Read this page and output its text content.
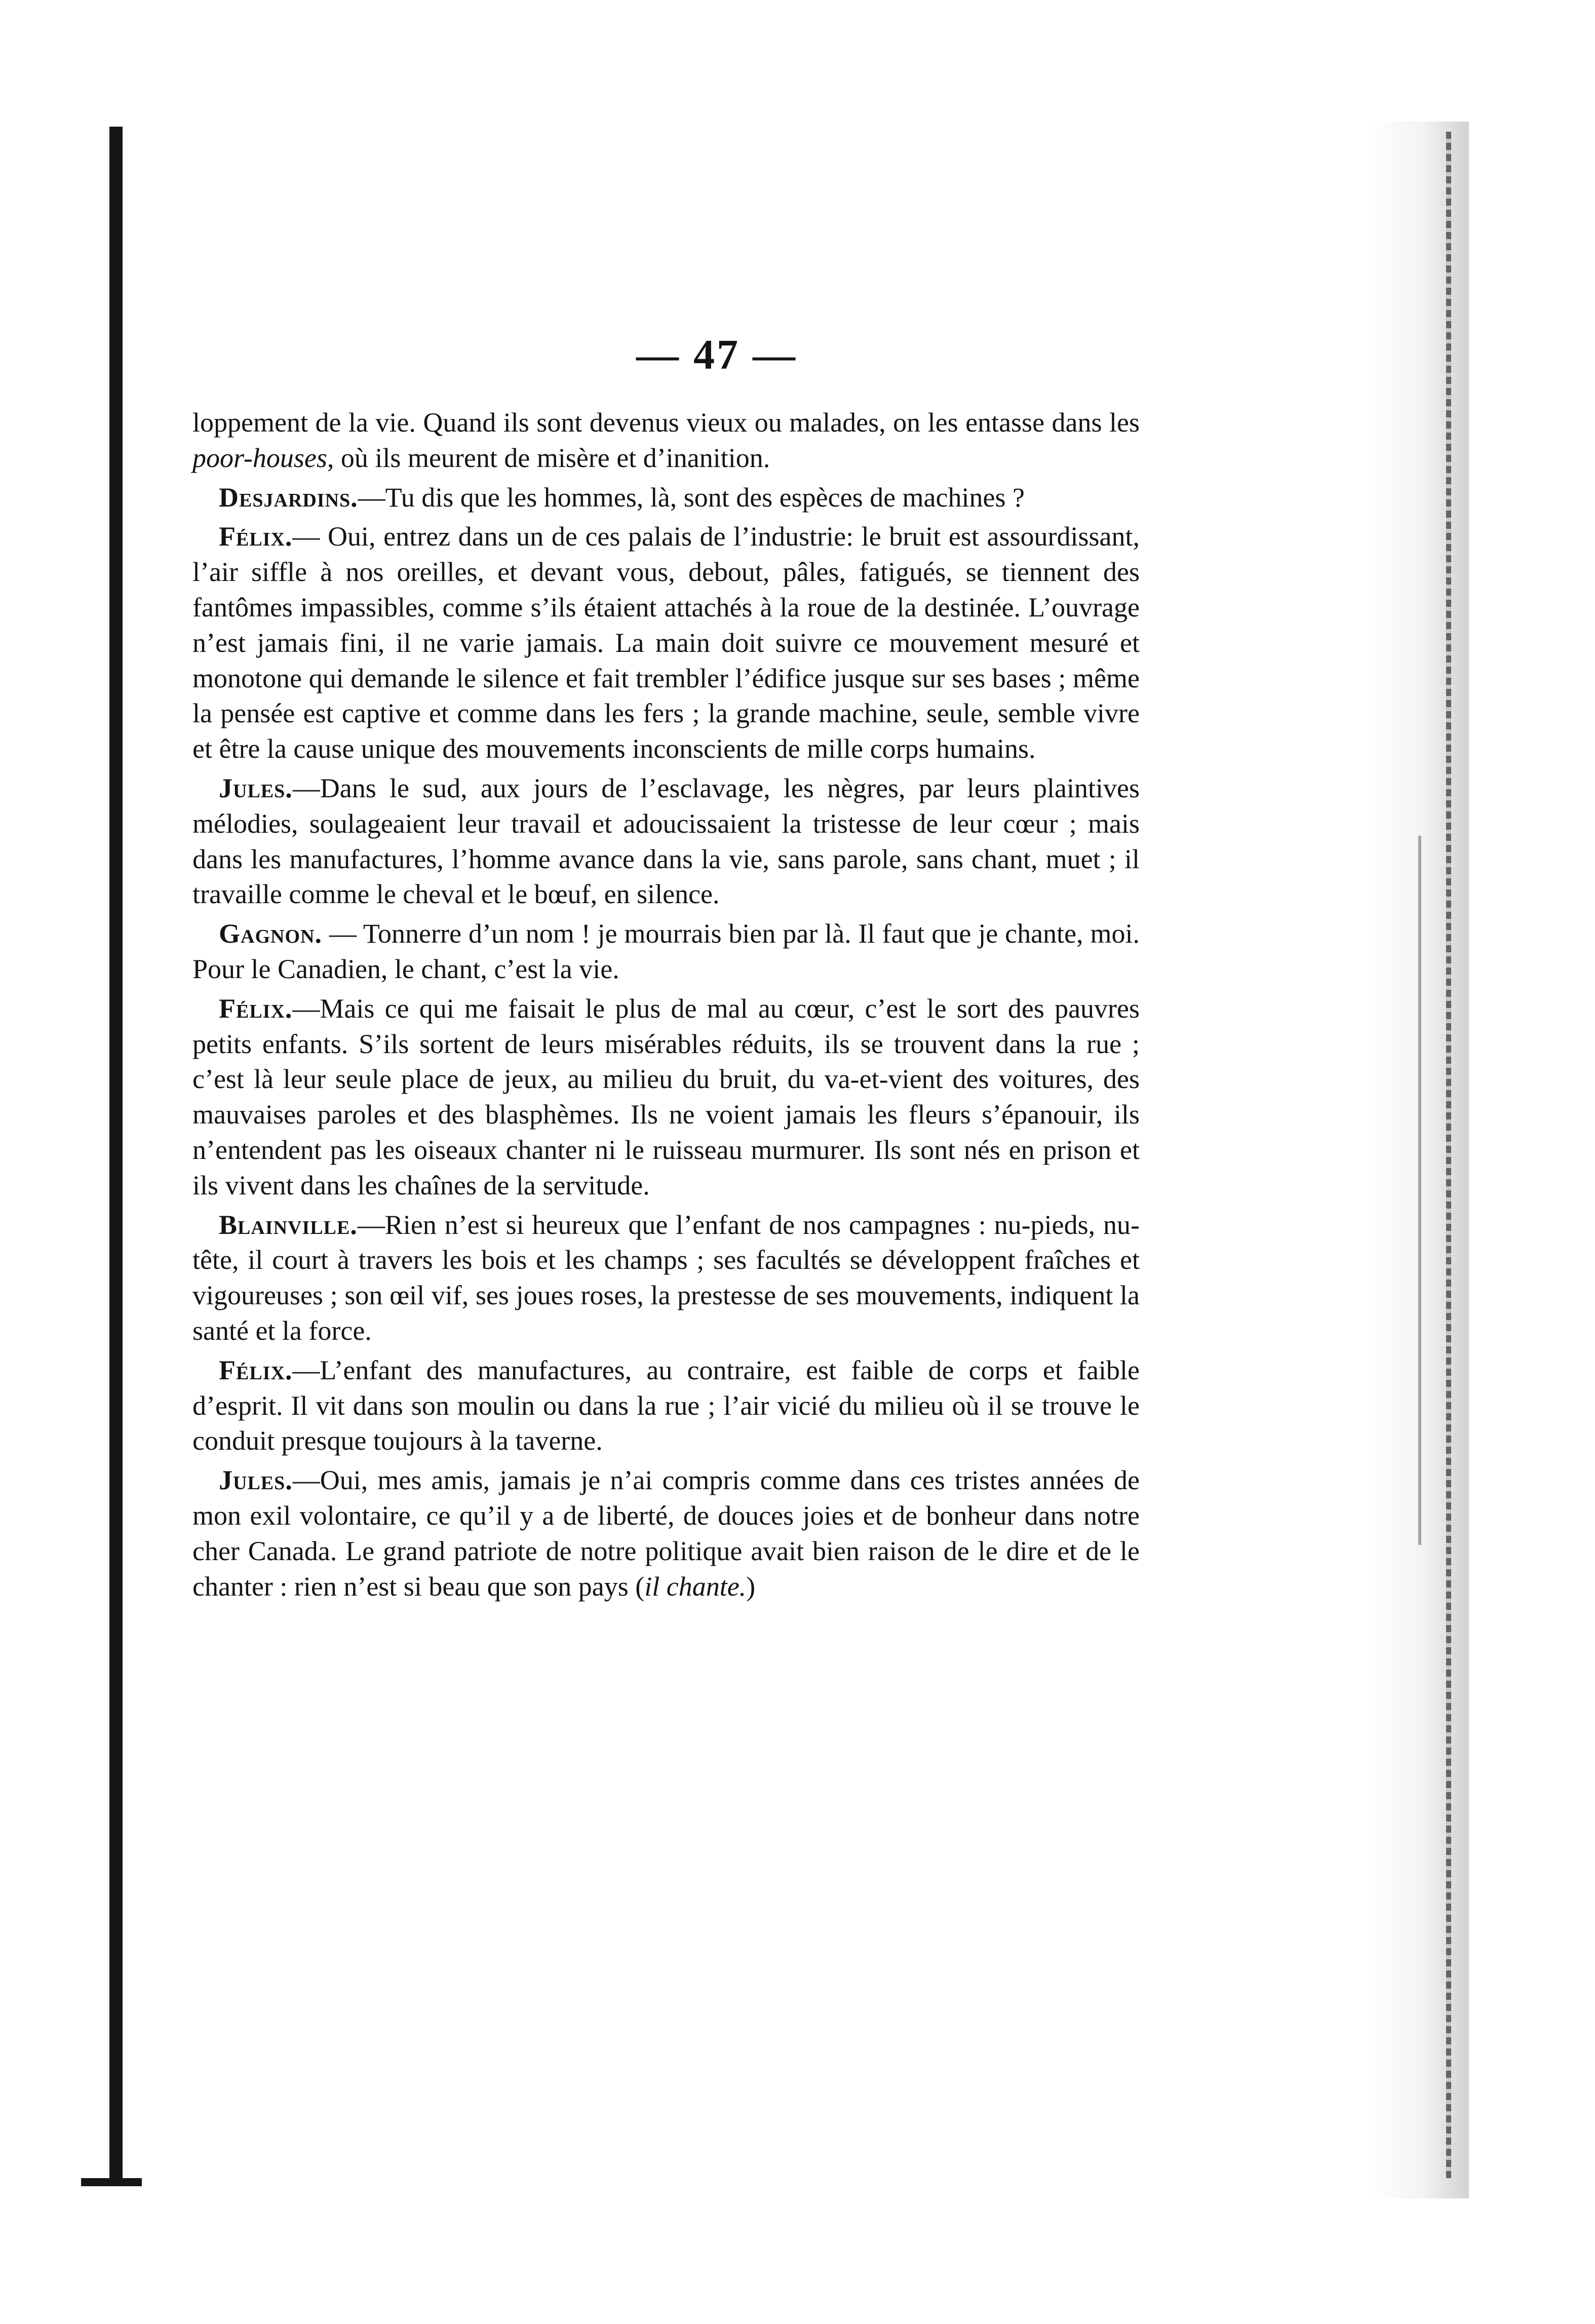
— 47 —

loppement de la vie. Quand ils sont devenus vieux ou malades, on les entasse dans les poor-houses, où ils meurent de misère et d’inanition.

Desjardins.—Tu dis que les hommes, là, sont des espèces de machines ?

Félix.— Oui, entrez dans un de ces palais de l’industrie: le bruit est assourdissant, l’air siffle à nos oreilles, et devant vous, debout, pâles, fatigués, se tiennent des fantômes impassibles, comme s’ils étaient attachés à la roue de la destinée. L’ouvrage n’est jamais fini, il ne varie jamais. La main doit suivre ce mouvement mesuré et monotone qui demande le silence et fait trembler l’édifice jusque sur ses bases ; même la pensée est captive et comme dans les fers ; la grande machine, seule, semble vivre et être la cause unique des mouvements inconscients de mille corps humains.

Jules.—Dans le sud, aux jours de l’esclavage, les nègres, par leurs plaintives mélodies, soulageaient leur travail et adoucissaient la tristesse de leur cœur ; mais dans les manufactures, l’homme avance dans la vie, sans parole, sans chant, muet ; il travaille comme le cheval et le bœuf, en silence.

Gagnon. — Tonnerre d’un nom ! je mourrais bien par là. Il faut que je chante, moi. Pour le Canadien, le chant, c’est la vie.

Félix.—Mais ce qui me faisait le plus de mal au cœur, c’est le sort des pauvres petits enfants. S’ils sortent de leurs misérables réduits, ils se trouvent dans la rue ; c’est là leur seule place de jeux, au milieu du bruit, du va-et-vient des voitures, des mauvaises paroles et des blasphèmes. Ils ne voient jamais les fleurs s’épanouir, ils n’entendent pas les oiseaux chanter ni le ruisseau murmurer. Ils sont nés en prison et ils vivent dans les chaînes de la servitude.

Blainville.—Rien n’est si heureux que l’enfant de nos campagnes : nu-pieds, nu-tête, il court à travers les bois et les champs ; ses facultés se développent fraîches et vigoureuses ; son œil vif, ses joues roses, la prestesse de ses mouvements, indiquent la santé et la force.

Félix.—L’enfant des manufactures, au contraire, est faible de corps et faible d’esprit. Il vit dans son moulin ou dans la rue ; l’air vicié du milieu où il se trouve le conduit presque toujours à la taverne.

Jules.—Oui, mes amis, jamais je n’ai compris comme dans ces tristes années de mon exil volontaire, ce qu’il y a de liberté, de douces joies et de bonheur dans notre cher Canada. Le grand patriote de notre politique avait bien raison de le dire et de le chanter : rien n’est si beau que son pays (il chante.)
